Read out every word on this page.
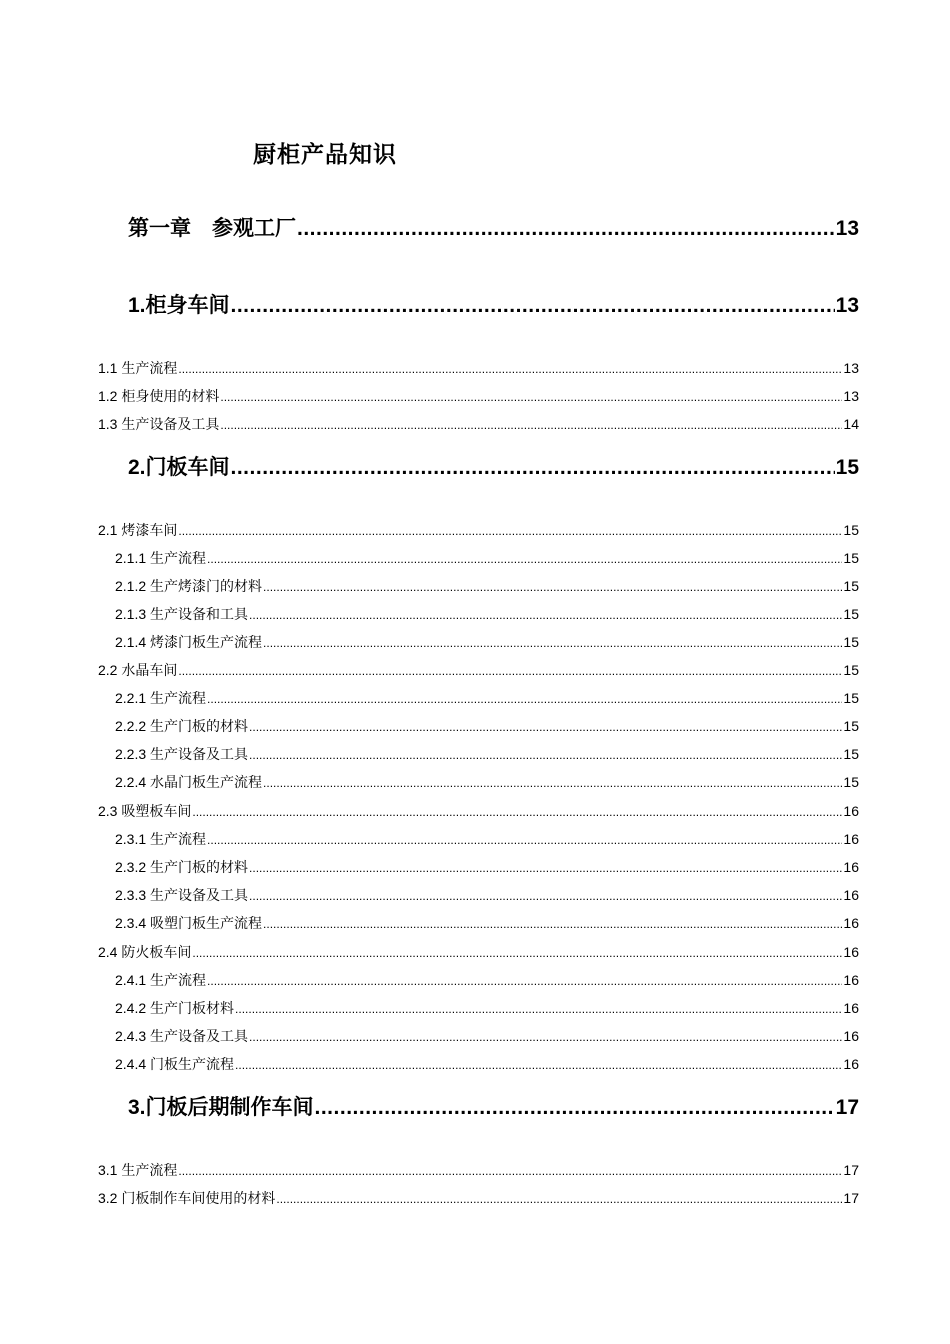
厨柜产品知识
第一章　参观工厂 .....	13
1.柜身车间 .....	13
1.1 生产流程 .....	13
1.2 柜身使用的材料 .....	13
1.3 生产设备及工具 .....	14
2.门板车间 .....	15
2.1 烤漆车间 .....	15
2.1.1 生产流程 .....	15
2.1.2 生产烤漆门的材料 .....	15
2.1.3 生产设备和工具 .....	15
2.1.4 烤漆门板生产流程 .....	15
2.2 水晶车间 .....	15
2.2.1 生产流程 .....	15
2.2.2 生产门板的材料 .....	15
2.2.3 生产设备及工具 .....	15
2.2.4 水晶门板生产流程 .....	15
2.3 吸塑板车间 .....	16
2.3.1 生产流程 .....	16
2.3.2 生产门板的材料 .....	16
2.3.3 生产设备及工具 .....	16
2.3.4 吸塑门板生产流程 .....	16
2.4 防火板车间 .....	16
2.4.1 生产流程 .....	16
2.4.2 生产门板材料 .....	16
2.4.3 生产设备及工具 .....	16
2.4.4 门板生产流程 .....	16
3.门板后期制作车间 .....	17
3.1 生产流程 .....	17
3.2 门板制作车间使用的材料 .....	17
